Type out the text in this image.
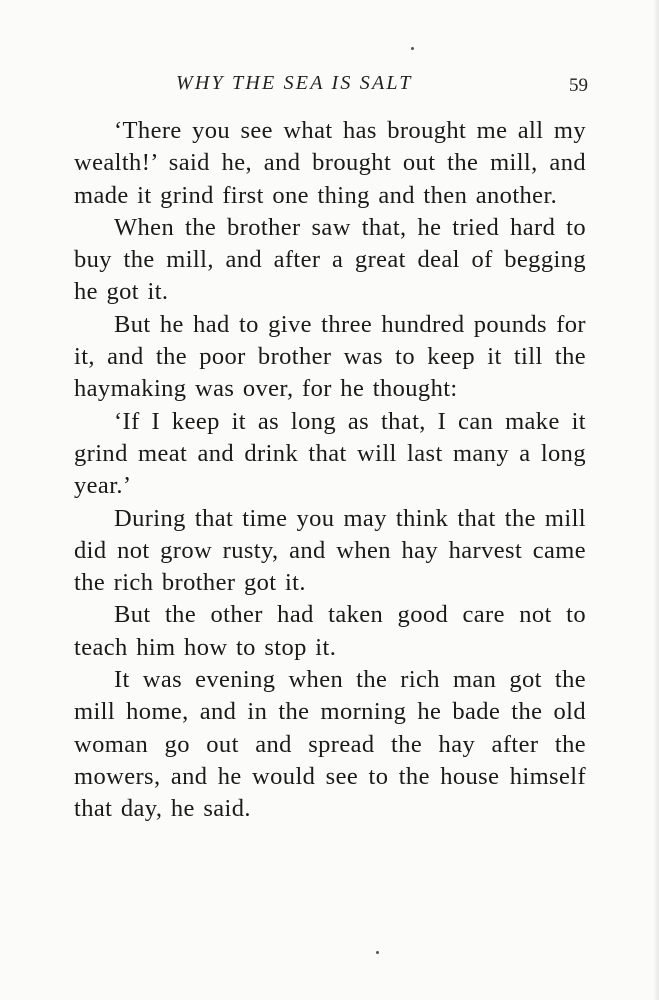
WHY THE SEA IS SALT	59

‘There you see what has brought me all my wealth!’ said he, and brought out the mill, and made it grind first one thing and then another.

When the brother saw that, he tried hard to buy the mill, and after a great deal of begging he got it.

But he had to give three hundred pounds for it, and the poor brother was to keep it till the haymaking was over, for he thought:

‘If I keep it as long as that, I can make it grind meat and drink that will last many a long year.’

During that time you may think that the mill did not grow rusty, and when hay harvest came the rich brother got it.

But the other had taken good care not to teach him how to stop it.

It was evening when the rich man got the mill home, and in the morning he bade the old woman go out and spread the hay after the mowers, and he would see to the house himself that day, he said.
